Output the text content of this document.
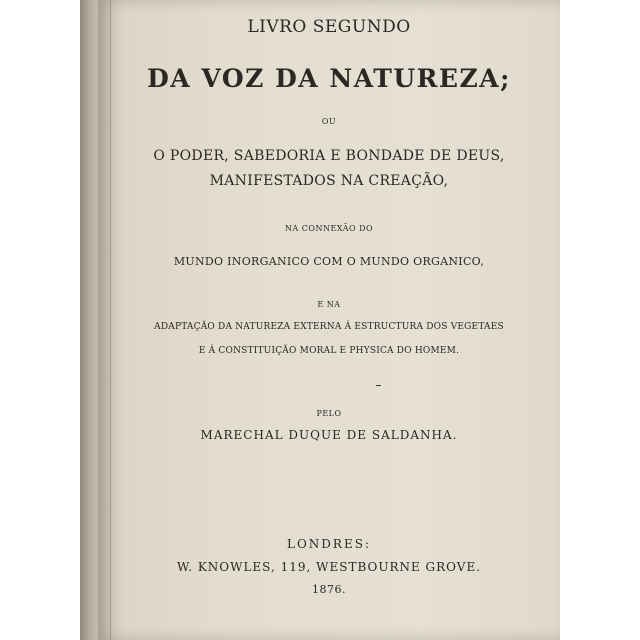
LIVRO SEGUNDO
DA VOZ DA NATUREZA;
OU
O PODER, SABEDORIA E BONDADE DE DEUS,
MANIFESTADOS NA CREAÇÃO,
NA CONNEXÃO DO
MUNDO INORGANICO COM O MUNDO ORGANICO,
E NA
ADAPTAÇÃO DA NATUREZA EXTERNA Á ESTRUCTURA DOS VEGETAES
E Á CONSTITUIÇÃO MORAL E PHYSICA DO HOMEM.
PELO
MARECHAL DUQUE DE SALDANHA.
LONDRES:
W. KNOWLES, 119, WESTBOURNE GROVE.
1876.
